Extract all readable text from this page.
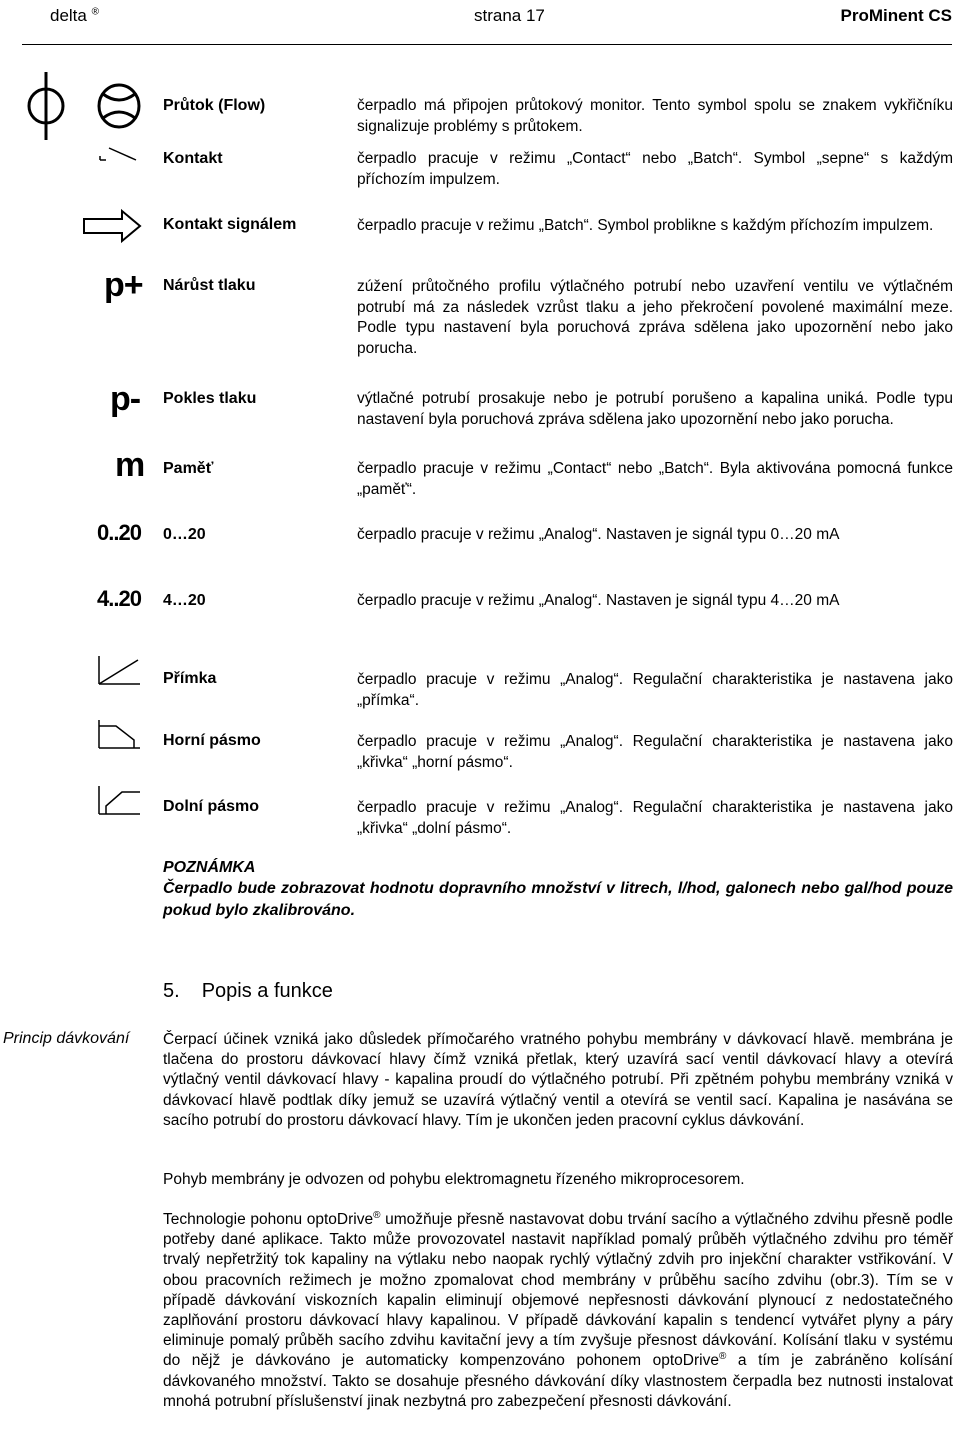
delta ®	strana 17	ProMinent CS
Průtok (Flow)	čerpadlo má připojen průtokový monitor. Tento symbol spolu se znakem vykřičníku signalizuje problémy s průtokem.
Kontakt	čerpadlo pracuje v režimu „Contact“ nebo „Batch“. Symbol „sepne“ s každým příchozím impulzem.
Kontakt signálem	čerpadlo pracuje v režimu „Batch“. Symbol problikne s každým příchozím impulzem.
p+ Nárůst tlaku	zúžení průtočného profilu výtlačného potrubí nebo uzavření ventilu ve výtlačném potrubí má za následek vzrůst tlaku a jeho překročení povolené maximální meze. Podle typu nastavení byla poruchová zpráva sdělena jako upozornění nebo jako porucha.
p- Pokles tlaku	výtlačné potrubí prosakuje nebo je potrubí porušeno a kapalina uniká. Podle typu nastavení byla poruchová zpráva sdělena jako upozornění nebo jako porucha.
m Paměť	čerpadlo pracuje v režimu „Contact“ nebo „Batch“. Byla aktivována pomocná funkce „paměť“.
0..20 0…20	čerpadlo pracuje v režimu „Analog“. Nastaven je signál typu 0…20 mA
4..20 4…20	čerpadlo pracuje v režimu „Analog“. Nastaven je signál typu 4…20 mA
Přímka	čerpadlo pracuje v režimu „Analog“. Regulační charakteristika je nastavena jako „přímka“.
Horní pásmo	čerpadlo pracuje v režimu „Analog“. Regulační charakteristika je nastavena jako „křivka“ „horní pásmo“.
Dolní pásmo	čerpadlo pracuje v režimu „Analog“. Regulační charakteristika je nastavena jako „křivka“ „dolní pásmo“.
POZNÁMKA
Čerpadlo bude zobrazovat hodnotu dopravního množství v litrech, l/hod, galonech nebo gal/hod pouze pokud bylo zkalibrováno.
5. Popis a funkce
Princip dávkování Čerpací účinek vzniká jako důsledek přímočarého vratného pohybu membrány v dávkovací hlavě. membrána je tlačena do prostoru dávkovací hlavy čímž vzniká přetlak, který uzavírá sací ventil dávkovací hlavy a otevírá výtlačný ventil dávkovací hlavy - kapalina proudí do výtlačného potrubí. Při zpětném pohybu membrány vzniká v dávkovací hlavě podtlak díky jemuž se uzavírá výtlačný ventil a otevírá se ventil sací. Kapalina je nasávána se sacího potrubí do prostoru dávkovací hlavy. Tím je ukončen jeden pracovní cyklus dávkování.
Pohyb membrány je odvozen od pohybu elektromagnetu řízeného mikroprocesorem.
Technologie pohonu optoDrive® umožňuje přesně nastavovat dobu trvání sacího a výtlačného zdvihu přesně podle potřeby dané aplikace. Takto může provozovatel nastavit například pomalý průběh výtlačného zdvihu pro téměř trvalý nepřetržitý tok kapaliny na výtlaku nebo naopak rychlý výtlačný zdvih pro injekční charakter vstřikování. V obou pracovních režimech je možno zpomalovat chod membrány v průběhu sacího zdvihu (obr.3). Tím se v případě dávkování viskozních kapalin eliminují objemové nepřesnosti dávkování plynoucí z nedostatečného zaplňování prostoru dávkovací hlavy kapalinou. V případě dávkování kapalin s tendencí vytvářet plyny a páry eliminuje pomalý průběh sacího zdvihu kavitační jevy a tím zvyšuje přesnost dávkování. Kolísání tlaku v systému do nějž je dávkováno je automaticky kompenzováno pohonem optoDrive® a tím je zabráněno kolísání dávkovaného množství. Takto se dosahuje přesného dávkování díky vlastnostem čerpadla bez nutnosti instalovat mnohá potrubní příslušenství jinak nezbytná pro zabezpečení přesnosti dávkování.
